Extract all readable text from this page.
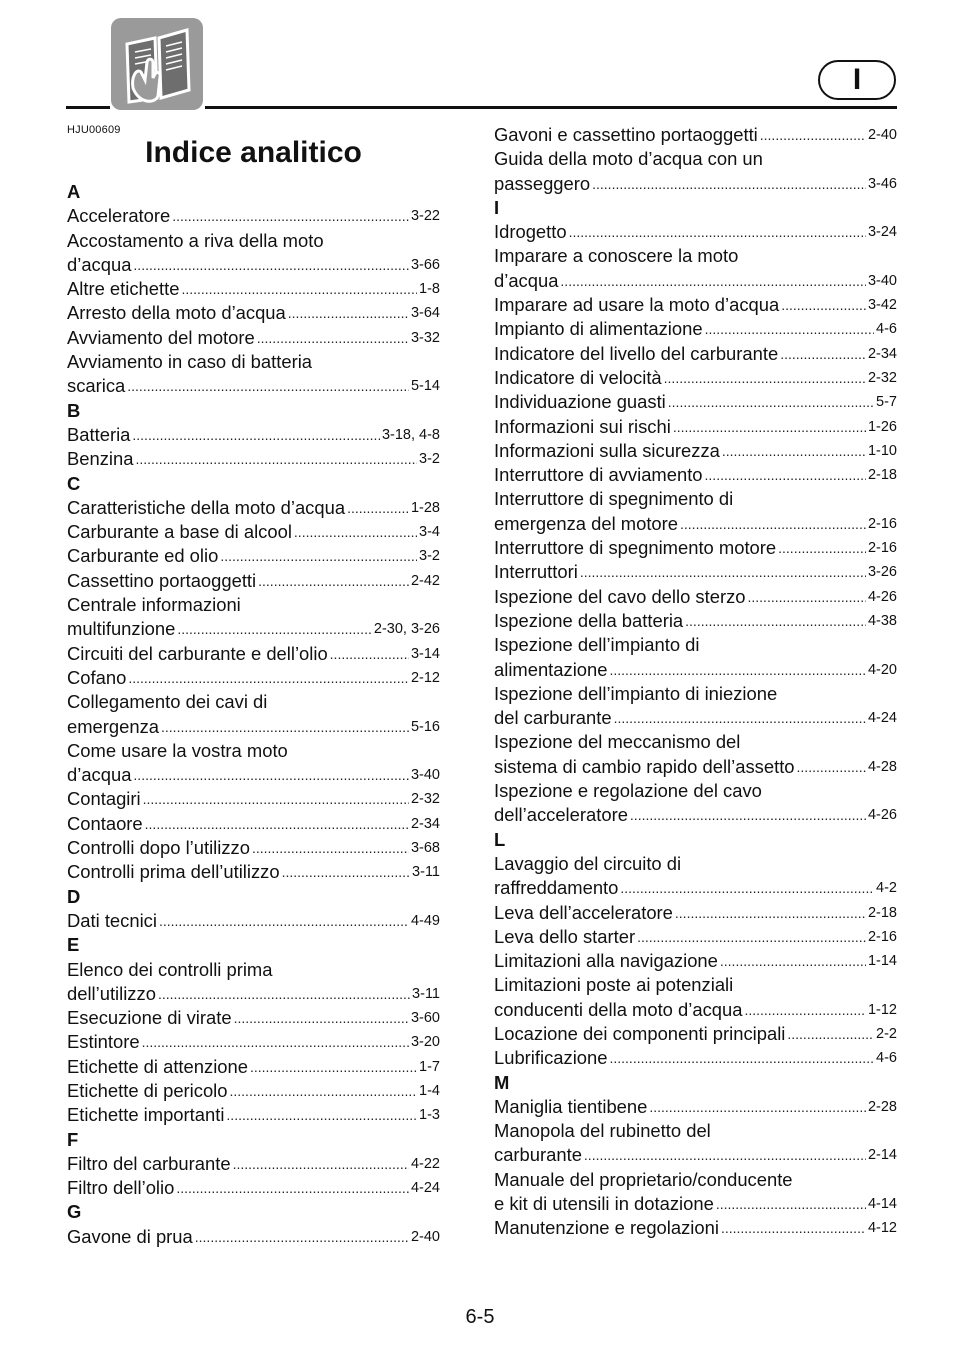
I
HJU00609
Indice analitico
A
Acceleratore .....	3-22
Accostamento a riva della moto
d’acqua .....	3-66
Altre etichette .....	1-8
Arresto della moto d’acqua .....	3-64
Avviamento del motore .....	3-32
Avviamento in caso di batteria
scarica .....	5-14
B
Batteria .....	3-18, 4-8
Benzina .....	3-2
C
Caratteristiche della moto d’acqua .....	1-28
Carburante a base di alcool .....	3-4
Carburante ed olio .....	3-2
Cassettino portaoggetti .....	2-42
Centrale informazioni
multifunzione .....	2-30, 3-26
Circuiti del carburante e dell’olio .....	3-14
Cofano .....	2-12
Collegamento dei cavi di
emergenza .....	5-16
Come usare la vostra moto
d’acqua .....	3-40
Contagiri .....	2-32
Contaore .....	2-34
Controlli dopo l’utilizzo .....	3-68
Controlli prima dell’utilizzo .....	3-11
D
Dati tecnici .....	4-49
E
Elenco dei controlli prima
dell’utilizzo .....	3-11
Esecuzione di virate .....	3-60
Estintore .....	3-20
Etichette di attenzione .....	1-7
Etichette di pericolo .....	1-4
Etichette importanti .....	1-3
F
Filtro del carburante .....	4-22
Filtro dell’olio .....	4-24
G
Gavone di prua .....	2-40
Gavoni e cassettino portaoggetti .....	2-40
Guida della moto d’acqua con un
passeggero .....	3-46
I
Idrogetto .....	3-24
Imparare a conoscere la moto
d’acqua .....	3-40
Imparare ad usare la moto d’acqua .....	3-42
Impianto di alimentazione .....	4-6
Indicatore del livello del carburante .....	2-34
Indicatore di velocità .....	2-32
Individuazione guasti .....	5-7
Informazioni sui rischi .....	1-26
Informazioni sulla sicurezza .....	1-10
Interruttore di avviamento .....	2-18
Interruttore di spegnimento di
emergenza del motore .....	2-16
Interruttore di spegnimento motore .....	2-16
Interruttori .....	3-26
Ispezione del cavo dello sterzo .....	4-26
Ispezione della batteria .....	4-38
Ispezione dell’impianto di
alimentazione .....	4-20
Ispezione dell’impianto di iniezione
del carburante .....	4-24
Ispezione del meccanismo del
sistema di cambio rapido dell’assetto .....	4-28
Ispezione e regolazione del cavo
dell’acceleratore .....	4-26
L
Lavaggio del circuito di
raffreddamento .....	4-2
Leva dell’acceleratore .....	2-18
Leva dello starter .....	2-16
Limitazioni alla navigazione .....	1-14
Limitazioni poste ai potenziali
conducenti della moto d’acqua .....	1-12
Locazione dei componenti principali .....	2-2
Lubrificazione .....	4-6
M
Maniglia tientibene .....	2-28
Manopola del rubinetto del
carburante .....	2-14
Manuale del proprietario/conducente
e kit di utensili in dotazione .....	4-14
Manutenzione e regolazioni .....	4-12
6-5
